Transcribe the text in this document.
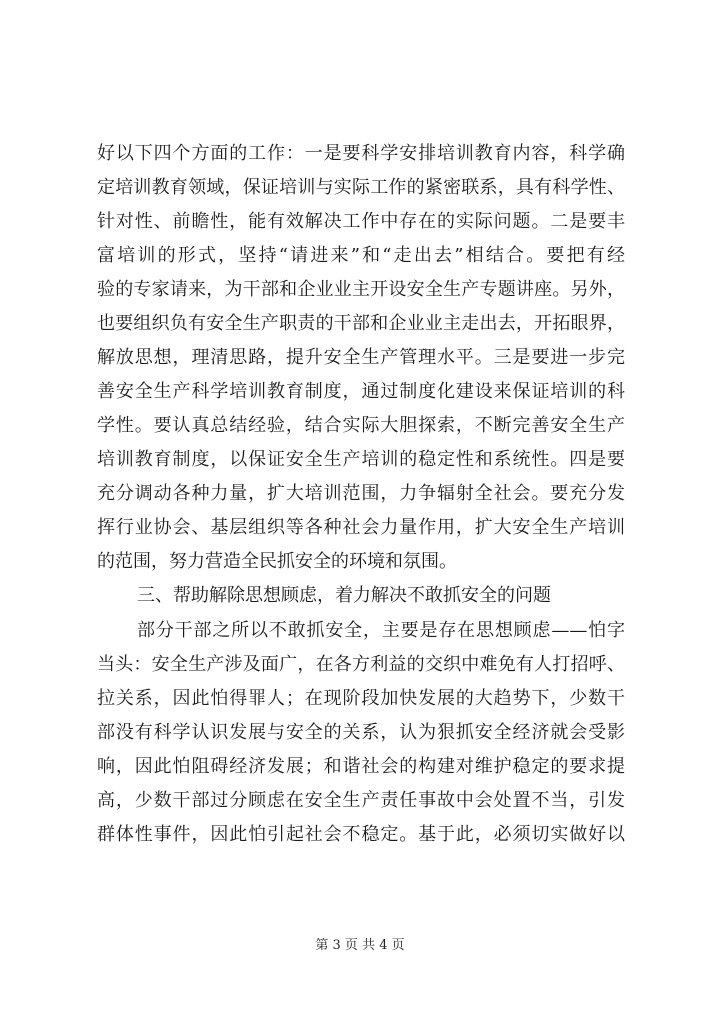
好以下四个方面的工作：一是要科学安排培训教育内容，科学确
定培训教育领域，保证培训与实际工作的紧密联系，具有科学性、
针对性、前瞻性，能有效解决工作中存在的实际问题。二是要丰
富培训的形式，坚持“请进来”和“走出去”相结合。要把有经
验的专家请来，为干部和企业业主开设安全生产专题讲座。另外，
也要组织负有安全生产职责的干部和企业业主走出去，开拓眼界，
解放思想，理清思路，提升安全生产管理水平。三是要进一步完
善安全生产科学培训教育制度，通过制度化建设来保证培训的科
学性。要认真总结经验，结合实际大胆探索，不断完善安全生产
培训教育制度，以保证安全生产培训的稳定性和系统性。四是要
充分调动各种力量，扩大培训范围，力争辐射全社会。要充分发
挥行业协会、基层组织等各种社会力量作用，扩大安全生产培训
的范围，努力营造全民抓安全的环境和氛围。
三、帮助解除思想顾虑，着力解决不敢抓安全的问题
部分干部之所以不敢抓安全，主要是存在思想顾虑——怕字
当头：安全生产涉及面广，在各方利益的交织中难免有人打招呼、
拉关系，因此怕得罪人；在现阶段加快发展的大趋势下，少数干
部没有科学认识发展与安全的关系，认为狠抓安全经济就会受影
响，因此怕阻碍经济发展；和谐社会的构建对维护稳定的要求提
高，少数干部过分顾虑在安全生产责任事故中会处置不当，引发
群体性事件，因此怕引起社会不稳定。基于此，必须切实做好以
第 3 页 共 4 页
